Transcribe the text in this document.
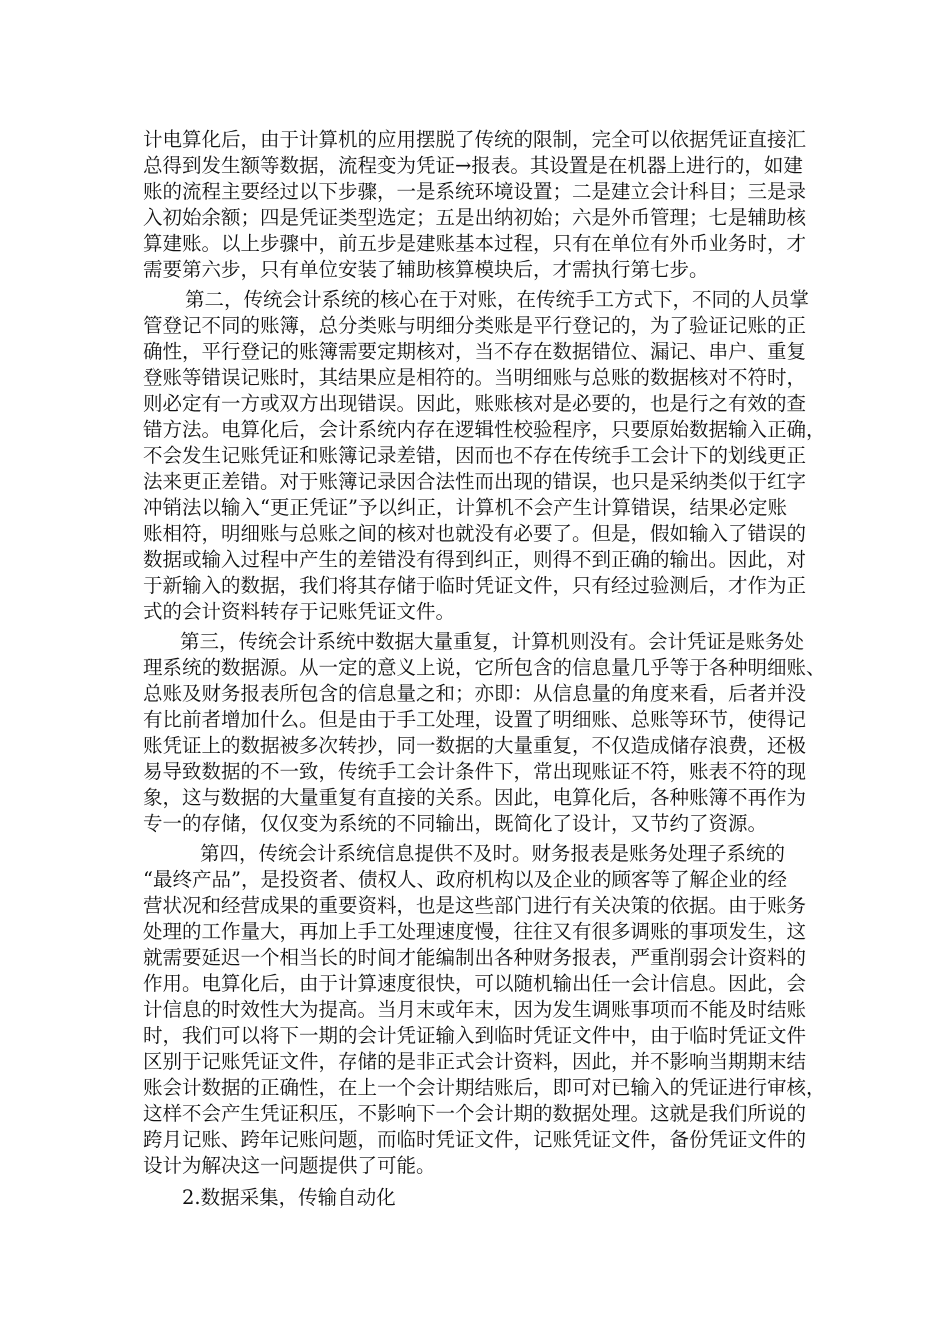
计电算化后，由于计算机的应用摆脱了传统的限制，完全可以依据凭证直接汇
总得到发生额等数据，流程变为凭证→报表。其设置是在机器上进行的，如建
账的流程主要经过以下步骤，一是系统环境设置；二是建立会计科目；三是录
入初始余额；四是凭证类型选定；五是出纳初始；六是外币管理；七是辅助核
算建账。以上步骤中，前五步是建账基本过程，只有在单位有外币业务时，才
需要第六步，只有单位安装了辅助核算模块后，才需执行第七步。
第二，传统会计系统的核心在于对账，在传统手工方式下，不同的人员掌
管登记不同的账簿，总分类账与明细分类账是平行登记的，为了验证记账的正
确性，平行登记的账簿需要定期核对，当不存在数据错位、漏记、串户、重复
登账等错误记账时，其结果应是相符的。当明细账与总账的数据核对不符时，
则必定有一方或双方出现错误。因此，账账核对是必要的，也是行之有效的查
错方法。电算化后，会计系统内存在逻辑性校验程序，只要原始数据输入正确，
不会发生记账凭证和账簿记录差错，因而也不存在传统手工会计下的划线更正
法来更正差错。对于账簿记录因合法性而出现的错误，也只是采纳类似于红字
冲销法以输入“更正凭证”予以纠正，计算机不会产生计算错误，结果必定账
账相符，明细账与总账之间的核对也就没有必要了。但是，假如输入了错误的
数据或输入过程中产生的差错没有得到纠正，则得不到正确的输出。因此，对
于新输入的数据，我们将其存储于临时凭证文件，只有经过验测后，才作为正
式的会计资料转存于记账凭证文件。
第三，传统会计系统中数据大量重复，计算机则没有。会计凭证是账务处
理系统的数据源。从一定的意义上说，它所包含的信息量几乎等于各种明细账、
总账及财务报表所包含的信息量之和；亦即：从信息量的角度来看，后者并没
有比前者增加什么。但是由于手工处理，设置了明细账、总账等环节，使得记
账凭证上的数据被多次转抄，同一数据的大量重复，不仅造成储存浪费，还极
易导致数据的不一致，传统手工会计条件下，常出现账证不符，账表不符的现
象，这与数据的大量重复有直接的关系。因此，电算化后，各种账簿不再作为
专一的存储，仅仅变为系统的不同输出，既简化了设计，又节约了资源。
第四，传统会计系统信息提供不及时。财务报表是账务处理子系统的
“最终产品”，是投资者、债权人、政府机构以及企业的顾客等了解企业的经
营状况和经营成果的重要资料，也是这些部门进行有关决策的依据。由于账务
处理的工作量大，再加上手工处理速度慢，往往又有很多调账的事项发生，这
就需要延迟一个相当长的时间才能编制出各种财务报表，严重削弱会计资料的
作用。电算化后，由于计算速度很快，可以随机输出任一会计信息。因此，会
计信息的时效性大为提高。当月末或年末，因为发生调账事项而不能及时结账
时，我们可以将下一期的会计凭证输入到临时凭证文件中，由于临时凭证文件
区别于记账凭证文件，存储的是非正式会计资料，因此，并不影响当期期末结
账会计数据的正确性，在上一个会计期结账后，即可对已输入的凭证进行审核，
这样不会产生凭证积压，不影响下一个会计期的数据处理。这就是我们所说的
跨月记账、跨年记账问题，而临时凭证文件，记账凭证文件，备份凭证文件的
设计为解决这一问题提供了可能。
2.数据采集，传输自动化
